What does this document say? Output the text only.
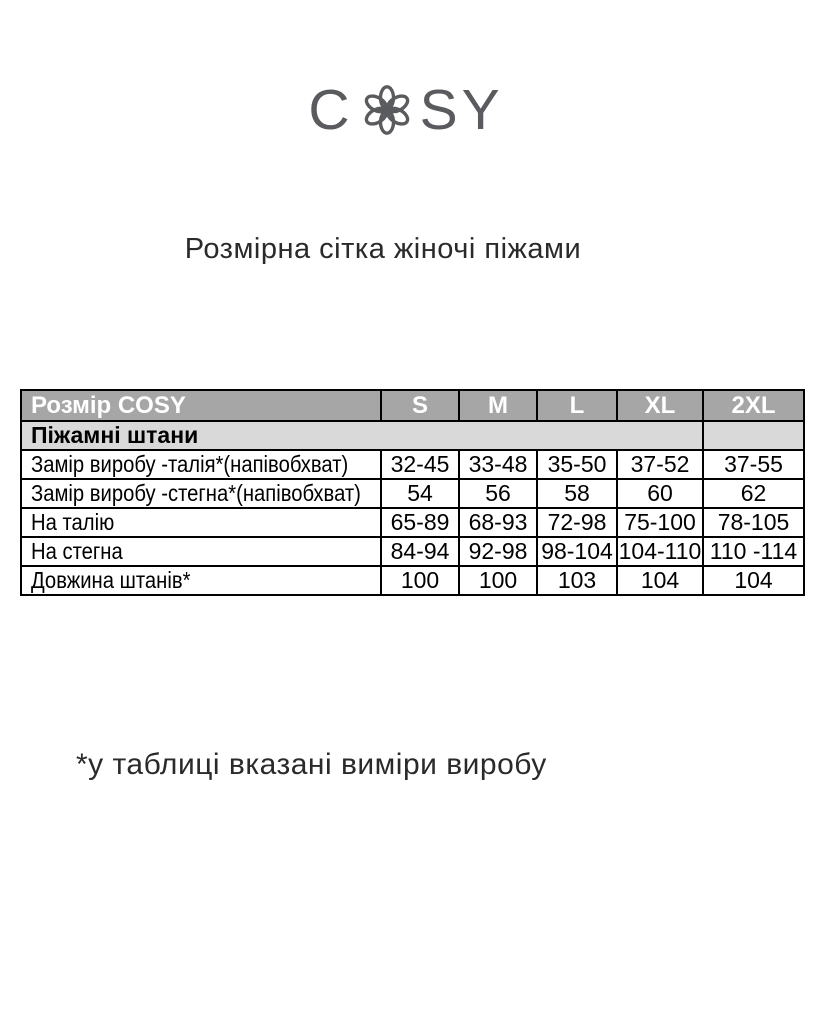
C SY
Розмірна сітка жіночі піжами
Розмір COSY	S	M	L	XL	2XL
Піжамні штани					
Замір виробу -талія*(напівобхват)	32-45	33-48	35-50	37-52	37-55
Замір виробу -стегна*(напівобхват)	54	56	58	60	62
На талію	65-89	68-93	72-98	75-100	78-105
На стегна	84-94	92-98	98-104	104-110	110 -114
Довжина штанів*	100	100	103	104	104

*у таблиці вказані виміри виробу
